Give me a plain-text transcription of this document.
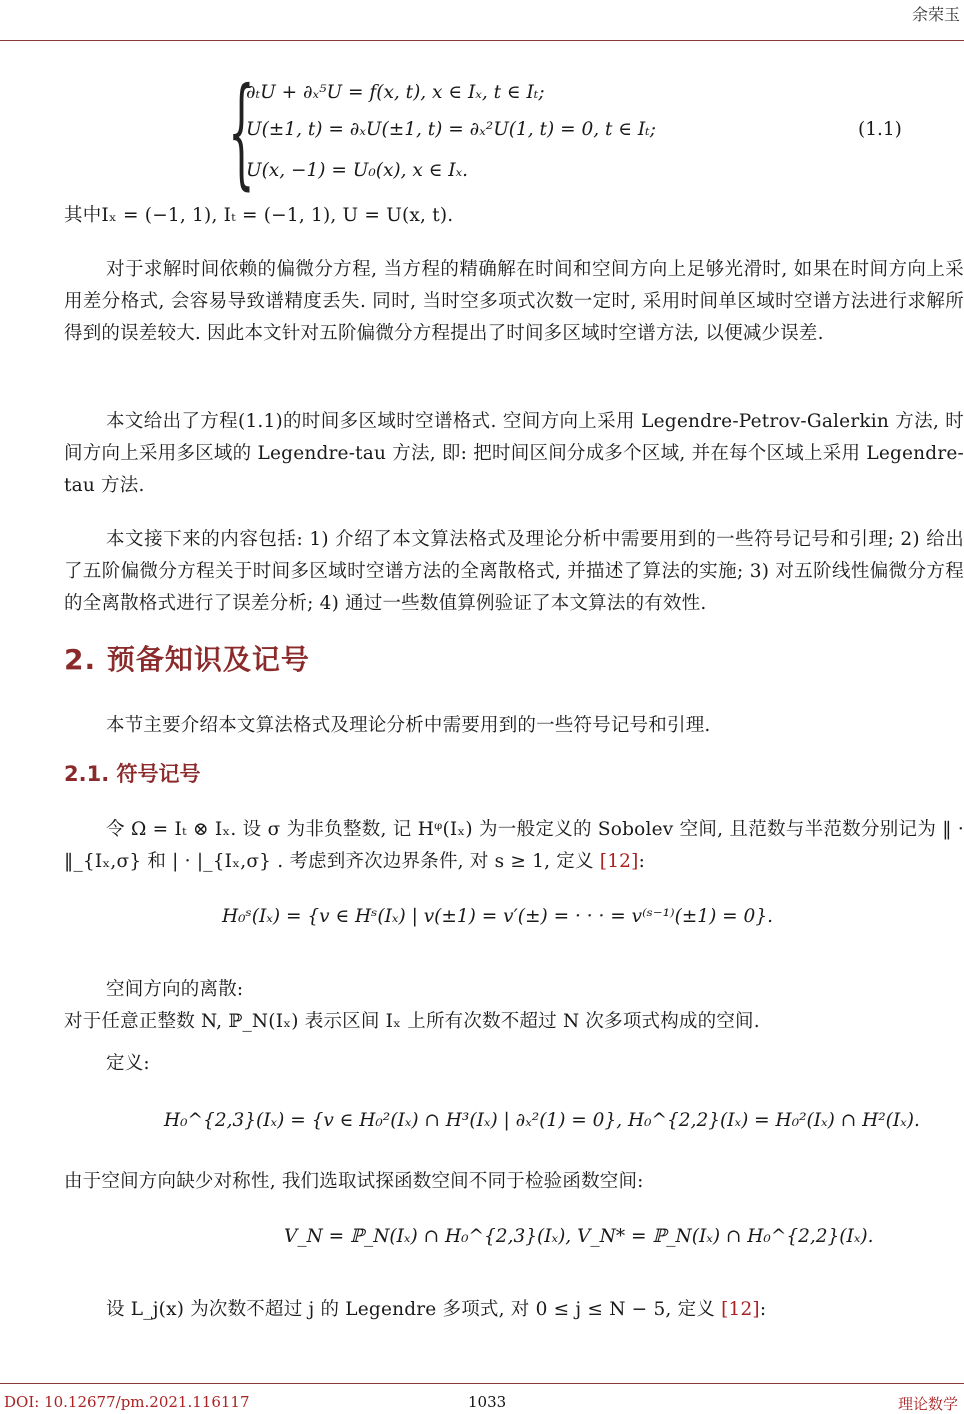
余荣玉
{
∂ₜU + ∂ₓ⁵U = f(x, t), x ∈ Iₓ, t ∈ Iₜ;
U(±1, t) = ∂ₓU(±1, t) = ∂ₓ²U(1, t) = 0, t ∈ Iₜ;
U(x, −1) = U₀(x), x ∈ Iₓ.
(1.1)

其中Iₓ = (−1, 1), Iₜ = (−1, 1), U = U(x, t).

对于求解时间依赖的偏微分方程, 当方程的精确解在时间和空间方向上足够光滑时, 如果在时间方向上采用差分格式, 会容易导致谱精度丢失. 同时, 当时空多项式次数一定时, 采用时间单区域时空谱方法进行求解所得到的误差较大. 因此本文针对五阶偏微分方程提出了时间多区域时空谱方法, 以便减少误差.

本文给出了方程(1.1)的时间多区域时空谱格式. 空间方向上采用 Legendre-Petrov-Galerkin 方法, 时间方向上采用多区域的 Legendre-tau 方法, 即: 把时间区间分成多个区域, 并在每个区域上采用 Legendre-tau 方法.

本文接下来的内容包括: 1) 介绍了本文算法格式及理论分析中需要用到的一些符号记号和引理; 2) 给出了五阶偏微分方程关于时间多区域时空谱方法的全离散格式, 并描述了算法的实施; 3) 对五阶线性偏微分方程的全离散格式进行了误差分析; 4) 通过一些数值算例验证了本文算法的有效性.

2. 预备知识及记号

本节主要介绍本文算法格式及理论分析中需要用到的一些符号记号和引理.

2.1. 符号记号

令 Ω = Iₜ ⊗ Iₓ. 设 σ 为非负整数, 记 Hᵠ(Iₓ) 为一般定义的 Sobolev 空间, 且范数与半范数分别记为 ‖ · ‖_{Iₓ,σ} 和 | · |_{Iₓ,σ} . 考虑到齐次边界条件, 对 s ≥ 1, 定义 [12]:

H₀ˢ(Iₓ) = {v ∈ Hˢ(Iₓ) | v(±1) = v′(±) = · · · = v⁽ˢ⁻¹⁾(±1) = 0}.

空间方向的离散:

对于任意正整数 N, ℙ_N(Iₓ) 表示区间 Iₓ 上所有次数不超过 N 次多项式构成的空间.

定义:

H₀^{2,3}(Iₓ) = {v ∈ H₀²(Iₓ) ∩ H³(Iₓ) | ∂ₓ²(1) = 0}, H₀^{2,2}(Iₓ) = H₀²(Iₓ) ∩ H²(Iₓ).

由于空间方向缺少对称性, 我们选取试探函数空间不同于检验函数空间:

V_N = ℙ_N(Iₓ) ∩ H₀^{2,3}(Iₓ), V_N* = ℙ_N(Iₓ) ∩ H₀^{2,2}(Iₓ).

设 L_j(x) 为次数不超过 j 的 Legendre 多项式, 对 0 ≤ j ≤ N − 5, 定义 [12]:

DOI: 10.12677/pm.2021.116117	1033	理论数学
